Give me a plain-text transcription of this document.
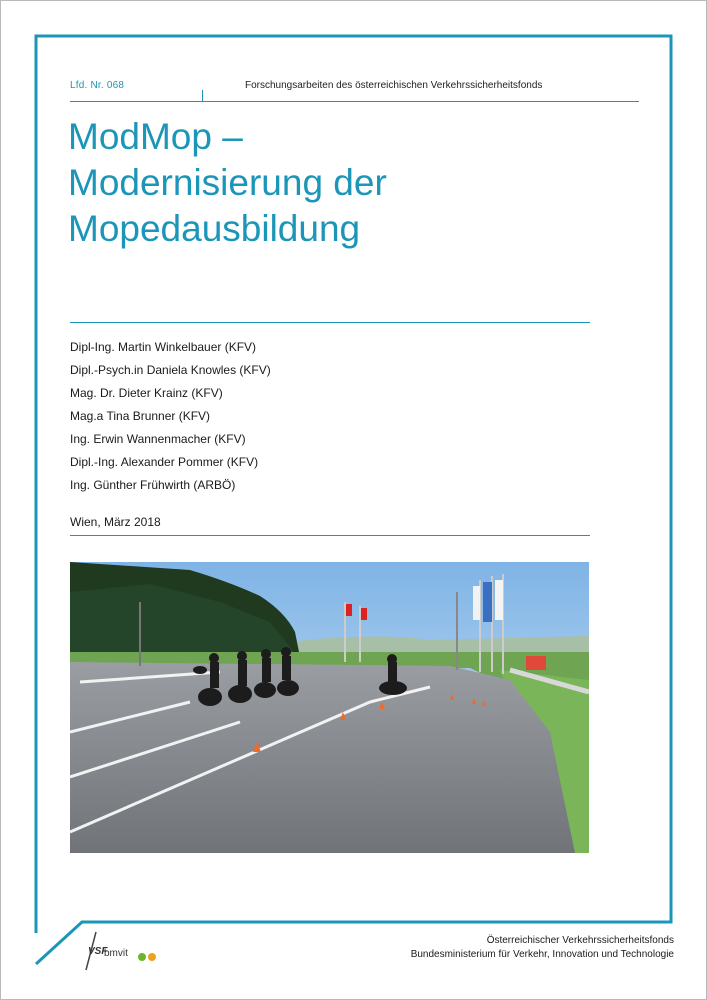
Lfd. Nr. 068	Forschungsarbeiten des österreichischen Verkehrssicherheitsfonds
ModMop –
Modernisierung der
Mopedausbildung
Dipl-Ing. Martin Winkelbauer (KFV)
Dipl.-Psych.in Daniela Knowles (KFV)
Mag. Dr. Dieter Krainz (KFV)
Mag.a Tina Brunner (KFV)
Ing. Erwin Wannenmacher (KFV)
Dipl.-Ing. Alexander Pommer (KFV)
Ing. Günther Frühwirth (ARBÖ)
Wien, März 2018
Österreichischer Verkehrssicherheitsfonds
Bundesministerium für Verkehr, Innovation und Technologie
VSF
bmvit
